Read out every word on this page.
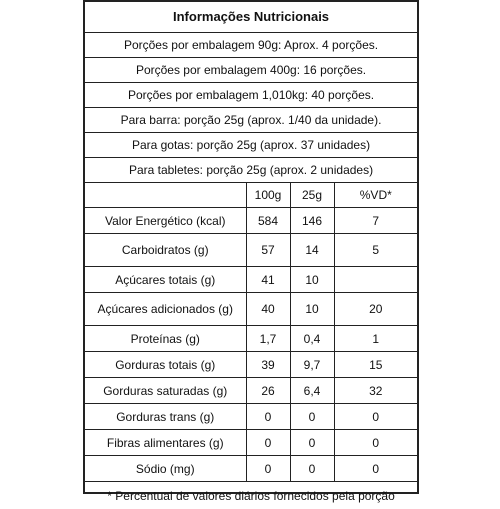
Informações Nutricionais			
Porções por embalagem 90g: Aprox. 4 porções.			
Porções por embalagem 400g: 16 porções.			
Porções por embalagem 1,010kg: 40 porções.			
Para barra: porção 25g (aprox. 1/40 da unidade).			
Para gotas: porção 25g (aprox. 37 unidades)			
Para tabletes: porção 25g (aprox. 2 unidades)			
	100g	25g	%VD*
Valor Energético (kcal)	584	146	7
Carboidratos (g)	57	14	5
Açúcares totais (g)	41	10	
Açúcares adicionados (g)	40	10	20
Proteínas (g)	1,7	0,4	1
Gorduras totais (g)	39	9,7	15
Gorduras saturadas (g)	26	6,4	32
Gorduras trans (g)	0	0	0
Fibras alimentares (g)	0	0	0
Sódio (mg)	0	0	0
* Percentual de valores diários fornecidos pela porção			
